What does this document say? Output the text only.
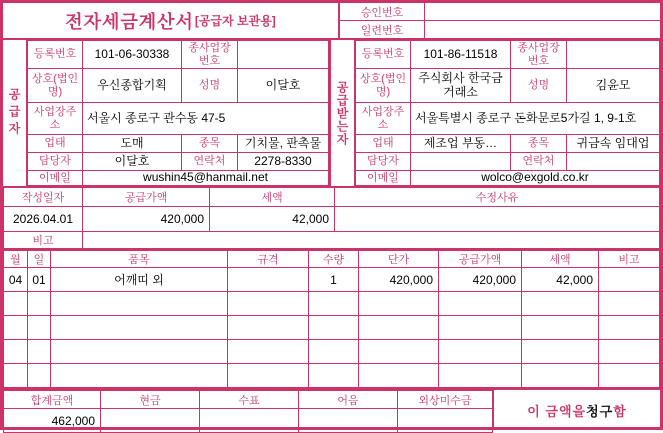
전자세금계산서 [공급자 보관용]
승인번호
일련번호
공급자
등록번호	101-06-30338	종사업장번호	
상호(법인명)	우신종합기획	성명	이달호
사업장주소	서울시 종로구 관수동 47-5		
업태	도매	종목	기치물, 판촉물
담당자	이달호	연락처	2278-8330
이메일	wushin45@hanmail.net		
공급받는자
등록번호	101-86-11518	종사업장번호	
상호(법인명)	주식회사 한국금거래소	성명	김윤모
사업장주소	서울특별시 종로구 돈화문로5가길 1, 9-1호		
업태	제조업 부동…	종목	귀금속 임대업
담당자		연락처	
이메일	wolco@exgold.co.kr		
작성일자	공급가액	세액	수정사유
2026.04.01	420,000	42,000	
비고			
월	일	품목	규격	수량	단가	공급가액	세액	비고
04	01	어깨띠 외		1	420,000	420,000	42,000	

합계금액	현금	수표	어음	외상미수금
462,000				
이 금액을 청구 함
